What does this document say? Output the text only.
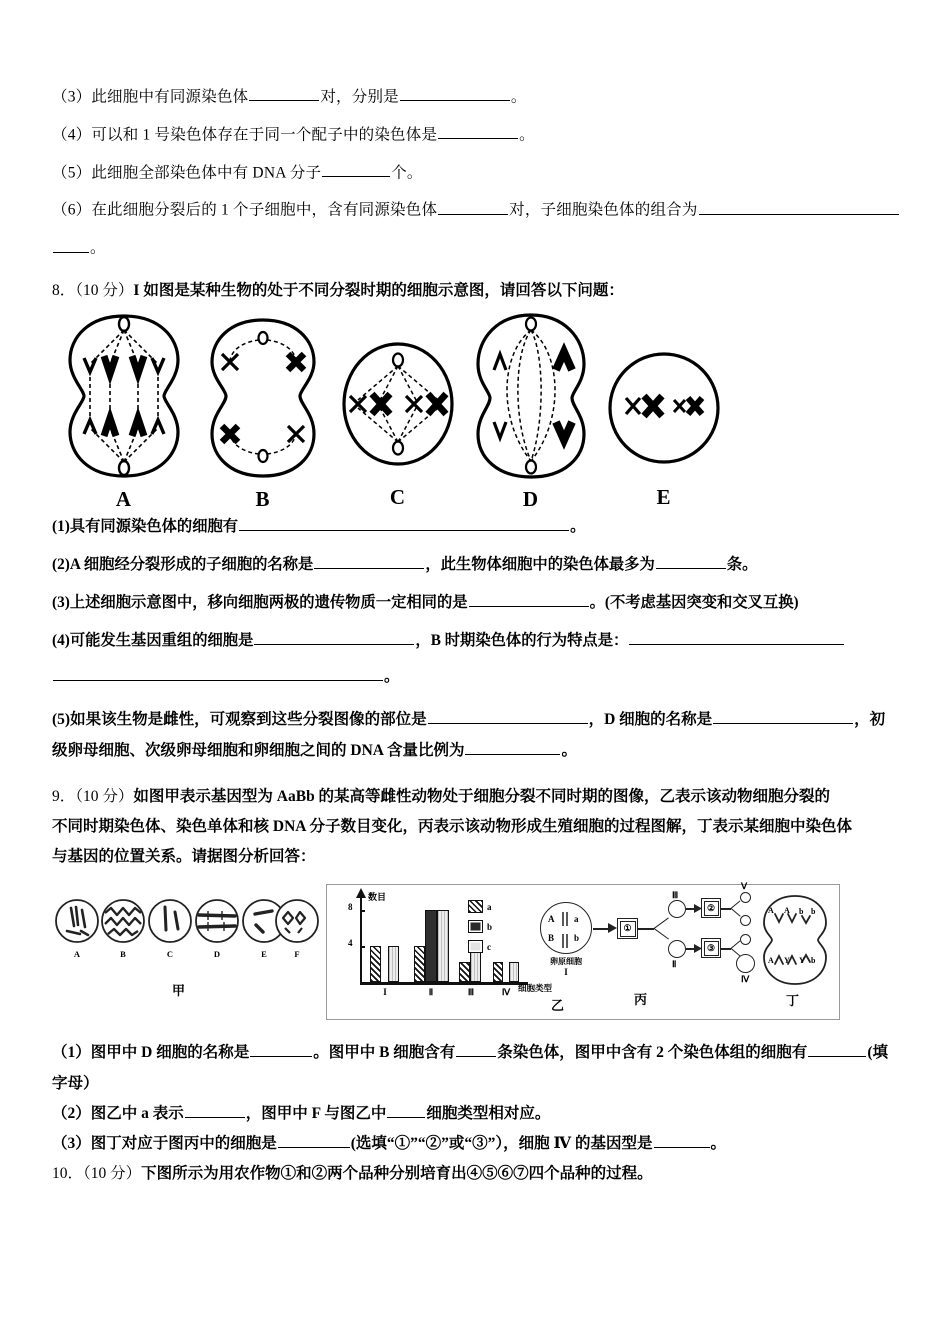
（3）此细胞中有同源染色体	对，分别是	。

（4）可以和 1 号染色体存在于同一个配子中的染色体是	。

（5）此细胞全部染色体中有 DNA 分子	个。

（6）在此细胞分裂后的 1 个子细胞中，含有同源染色体	对，子细胞染色体的组合为

。

8．（10 分）I 如图是某种生物的处于不同分裂时期的细胞示意图，请回答以下问题：

A	B	C	D	E

(1)具有同源染色体的细胞有	。

(2)A 细胞经分裂形成的子细胞的名称是	，此生物体细胞中的染色体最多为	条。

(3)上述细胞示意图中，移向细胞两极的遗传物质一定相同的是	。(不考虑基因突变和交叉互换)

(4)可能发生基因重组的细胞是	，B 时期染色体的行为特点是：

。

(5)如果该生物是雌性，可观察到这些分裂图像的部位是	，D 细胞的名称是	，初

级卵母细胞、次级卵母细胞和卵细胞之间的 DNA 含量比例为	。

9．（10 分）如图甲表示基因型为 AaBb 的某高等雌性动物处于细胞分裂不同时期的图像，乙表示该动物细胞分裂的

不同时期染色体、染色单体和核 DNA 分子数目变化，丙表示该动物形成生殖细胞的过程图解，丁表示某细胞中染色体

与基因的位置关系。请据图分析回答：

A	B	C	D	E	F
甲
数目
8
4
I	Ⅱ	Ⅲ	Ⅳ 细胞类型
a
b
c
乙
A a
B b
卵原细胞
I
①
Ⅲ
Ⅱ
②
③
Ⅴ
Ⅳ
丙
A A b b
A Y Y b
丁

（1）图甲中 D 细胞的名称是	。图甲中 B 细胞含有	条染色体，图甲中含有 2 个染色体组的细胞有	(填

字母）

（2）图乙中 a 表示	，图甲中 F 与图乙中	细胞类型相对应。

（3）图丁对应于图丙中的细胞是	(选填“①”“②”或“③”），细胞 Ⅳ 的基因型是	。

10．（10 分）下图所示为用农作物①和②两个品种分别培育出④⑤⑥⑦四个品种的过程。
